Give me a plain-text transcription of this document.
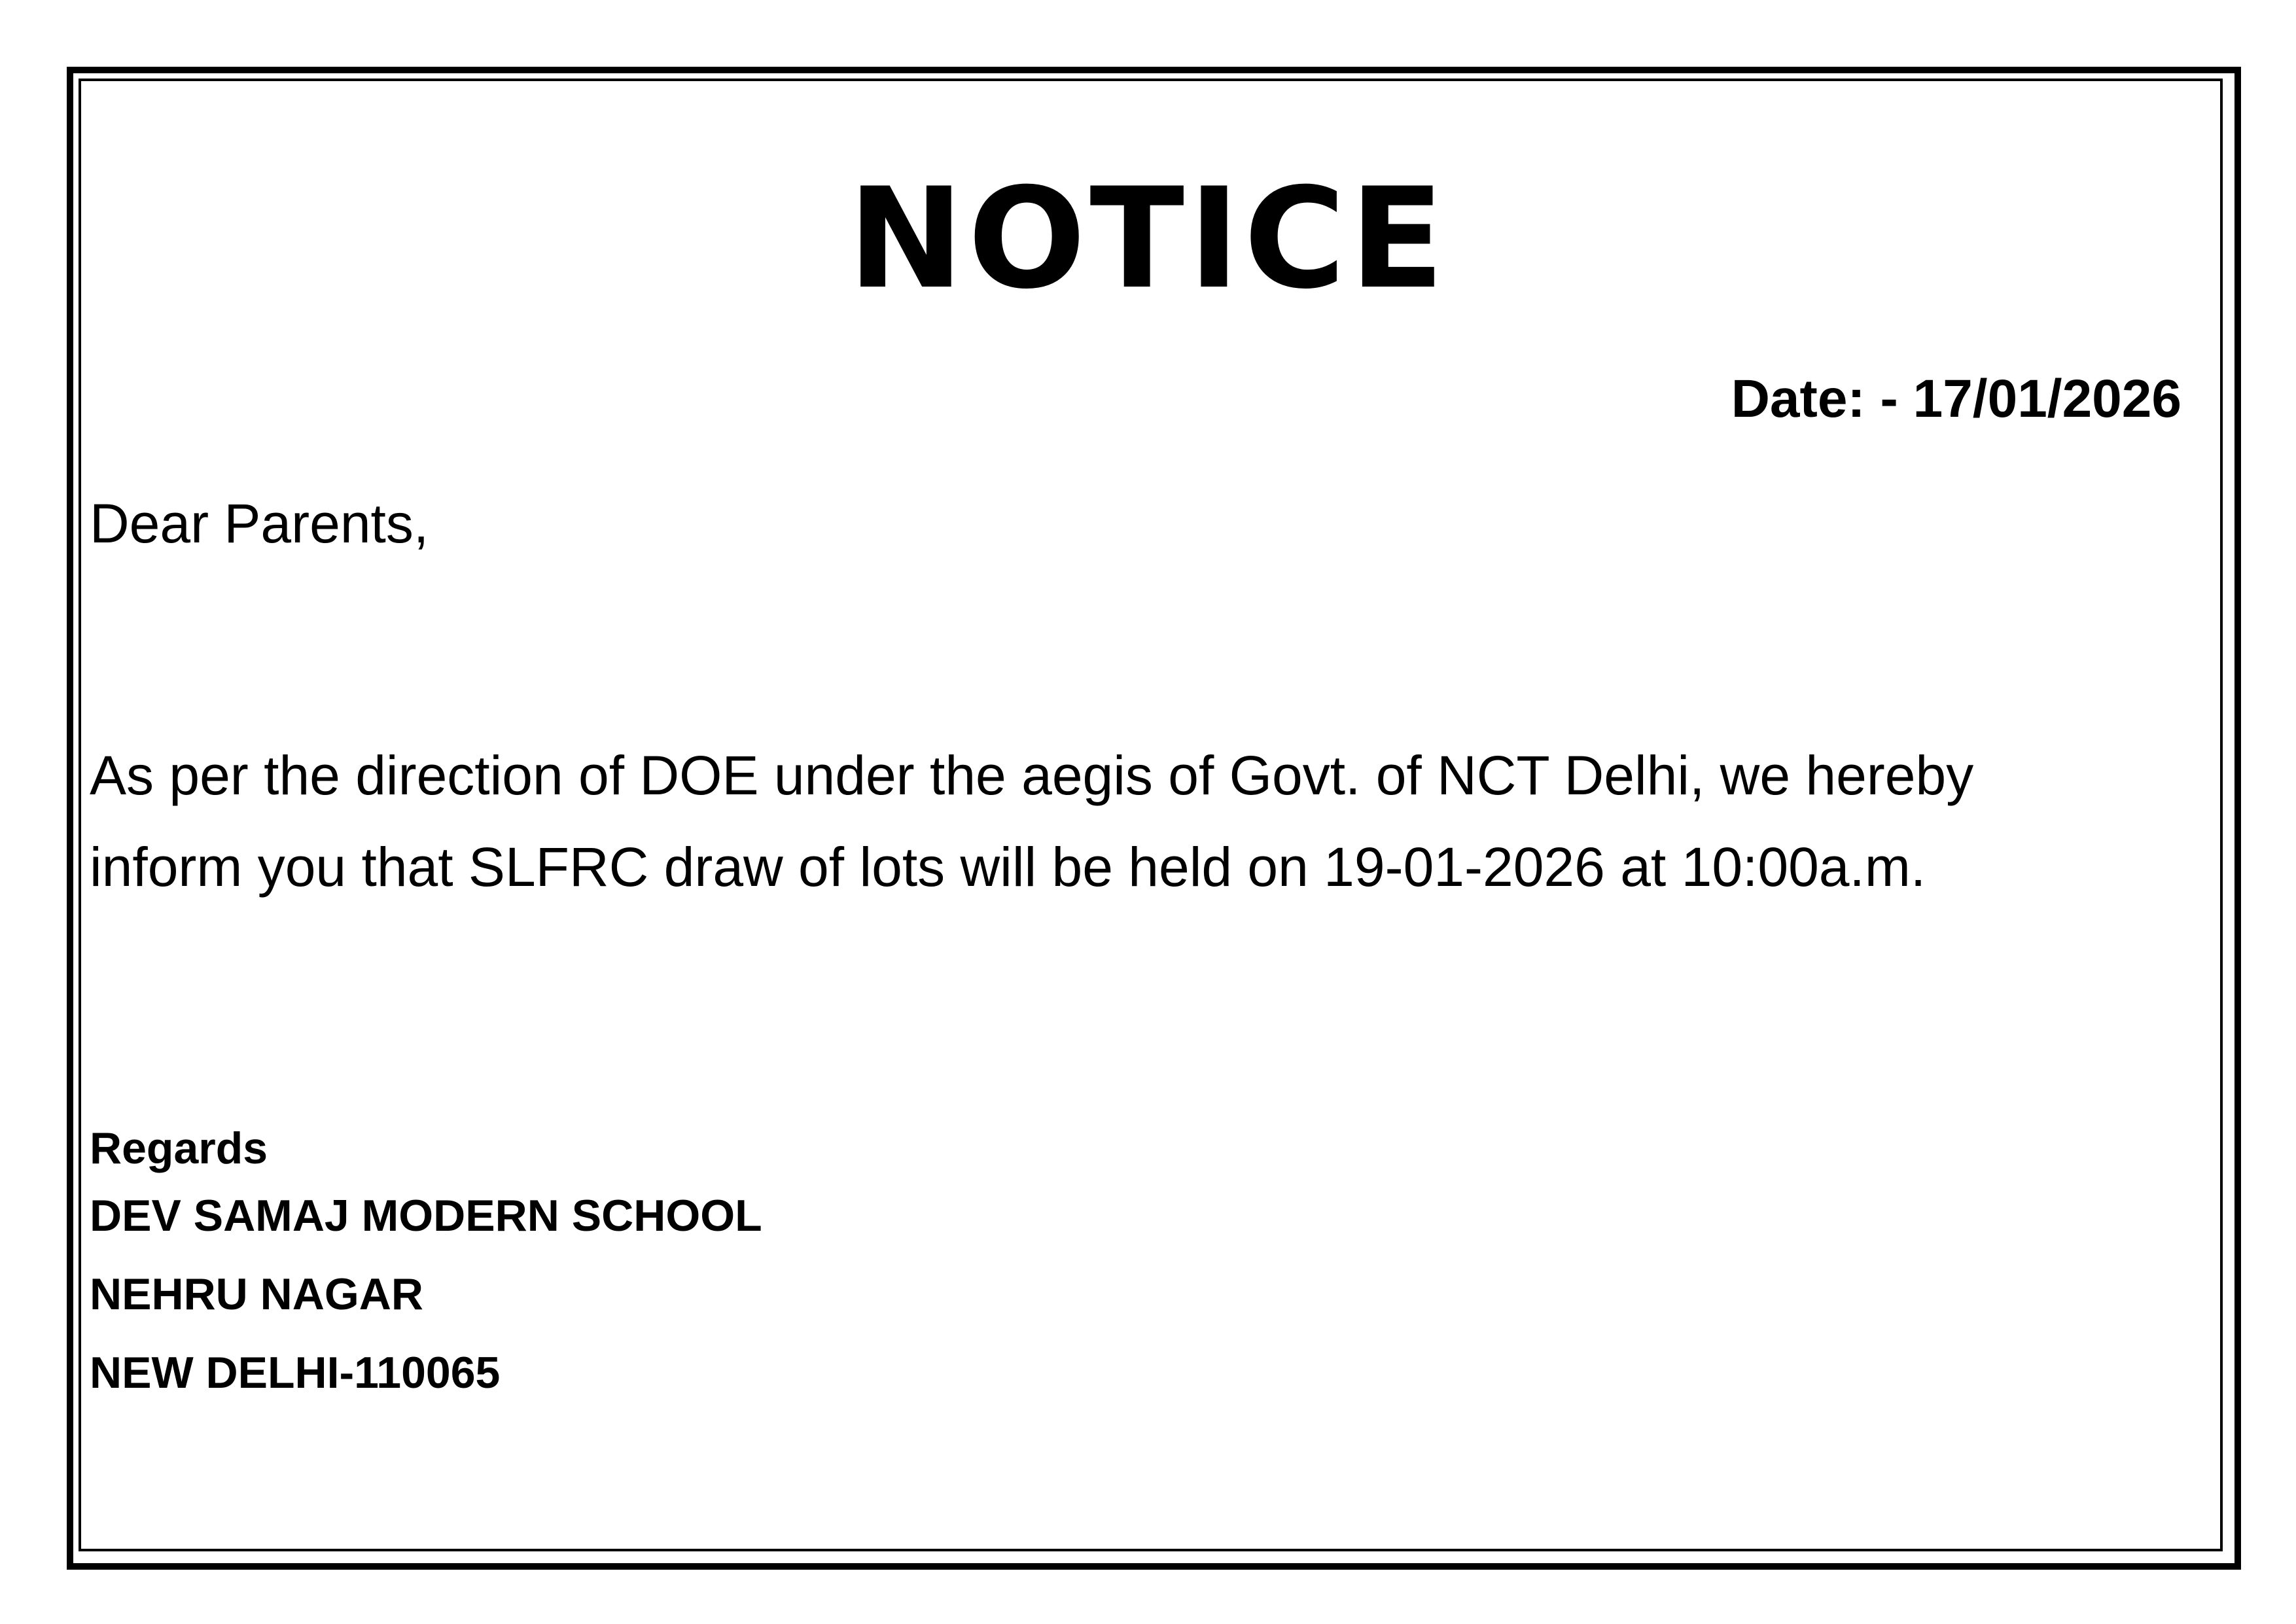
NOTICE
Date: - 17/01/2026
Dear Parents,
As per the direction of DOE under the aegis of Govt. of NCT Delhi, we hereby
inform you that SLFRC draw of lots will be held on 19-01-2026 at 10:00a.m.
Regards
DEV SAMAJ MODERN SCHOOL
NEHRU NAGAR
NEW DELHI-110065
